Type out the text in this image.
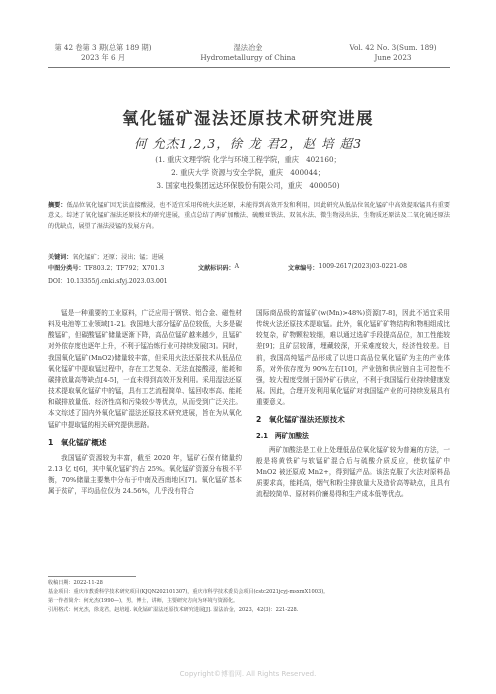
第 42 卷第 3 期(总第 189 期)
2023 年 6 月
湿法冶金
Hydrometallurgy of China
Vol. 42 No. 3(Sum. 189)
June 2023
氧化锰矿湿法还原技术研究进展
何 允杰1,2,3，徐 龙 君2，赵 培 超3
(1. 重庆文理学院 化学与环境工程学院，重庆　402160；
2. 重庆大学 资源与安全学院，重庆　400044；
3. 国家电投集团远达环保股份有限公司，重庆　400050)
摘要：低品位氧化锰矿因无法直接酸浸，也不适宜采用传统火法还原，未能得到高效开发和利用，因此研究从低品位氧化锰矿中高效提取锰具有重要意义。综述了氧化锰矿湿法还原技术的研究进展，重点总结了两矿加酸法、硫酸亚铁法、双氧水法、微生物浸出法、生物质还原法及二氧化硫还原法的优缺点，展望了湿法浸锰的发展方向。
关键词：氧化锰矿；还原；浸出；锰；进展
中图分类号： TF803.2；TF792；X701.3	文献标识码： A	文章编号： 1009-2617(2023)03-0221-08
DOI：10.13355/j.cnki.sfyj.2023.03.001

锰是一种重要的工业原料，广泛应用于钢铁、铝合金、磁性材料及电池等工业领域[1-2]。我国地大部分锰矿品位较低，大多是碳酸锰矿，但碳酸锰矿储量逐渐下降，高品位锰矿越来越少，且锰矿对外依存度也逐年上升，不利于锰冶炼行业可持续发展[3]。同时，我国氧化锰矿(MnO2)储量较丰富，但采用火法还原技术从低品位氧化锰矿中提取锰过程中，存在工艺复杂、无法直接酸浸，能耗和碳排放量高等缺点[4-5]，一直未得到高效开发利用。采用湿法还原技术提取氧化锰矿中的锰，具有工艺流程简单、锰回收率高、能耗和碳排放量低、经济性高和污染较少等优点，从而受到广泛关注。本文综述了国内外氧化锰矿湿法还原技术研究进展，旨在为从氧化锰矿中提取锰的相关研究提供思路。

1　氧化锰矿概述

我国锰矿资源较为丰富，截至 2020 年，锰矿石保有储量约 2.13 亿 t[6]，其中氧化锰矿约占 25%。氧化锰矿资源分布极不平衡，70%储量主要集中分布于中南及西南地区[7]。氧化锰矿基本属于贫矿，平均品位仅为 24.56%，几乎没有符合

国际商品级的富锰矿(w(Mn)>48%)资源[7-8]，因此不适宜采用传统火法还原技术提取锰。此外，氧化锰矿矿物结构和物相组成比较复杂，矿物颗粒较细，难以通过选矿手段提高品位，加工性能较差[9]；且矿层较薄，埋藏较深，开采难度较大，经济性较差。目前，我国高纯锰产品形成了以进口高品位氧化锰矿为主的产业体系，对外依存度为 90%左右[10]，产业链和供应链自主可控性不强，较大程度受制于国外矿石供应，不利于我国锰行业持续健康发展。因此，合理开发利用氧化锰矿对我国锰产业的可持续发展具有重要意义。

2　氧化锰矿湿法还原技术
2.1　两矿加酸法

两矿加酸法是工业上处理低品位氧化锰矿较为普遍的方法，一般是将黄铁矿与软锰矿混合后与硫酸介质反应，使软锰矿中 MnO2 被还原成 Mn2+，得到锰产品。该法克服了火法对原料品质要求高，能耗高，烟气和粉尘排放量大及造价高等缺点，且具有流程较简单、原材料价廉易得和生产成本低等优点。

收稿日期：2022-11-28
基金项目：重庆市教委科学技术研究项目(KJQN202101307)，重庆市科学技术委员会项目(cstc2021jcyj-msxmX1003)。
第一作者简介：何允杰(1990—)，男，博士，讲师，主要研究方向为环境与资源化。
引用格式：何允杰，徐龙君，赵培超. 氧化锰矿湿法还原技术研究进展[J]. 湿法冶金，2023，42(3)：221-228.
Copyright©博看网. All Rights Reserved.
